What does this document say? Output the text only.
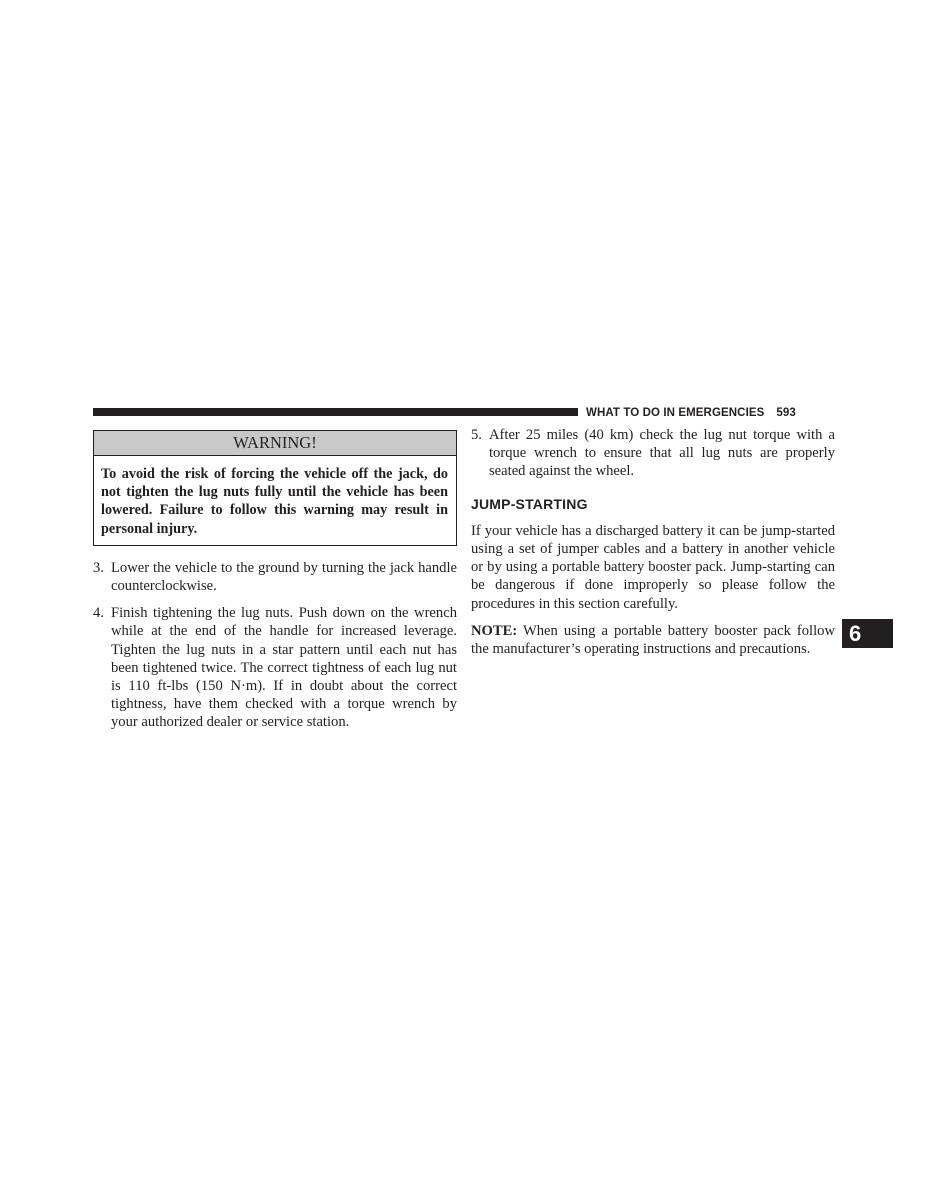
WHAT TO DO IN EMERGENCIES 593
WARNING!
To avoid the risk of forcing the vehicle off the jack, do not tighten the lug nuts fully until the vehicle has been lowered. Failure to follow this warning may result in personal injury.
3. Lower the vehicle to the ground by turning the jack handle counterclockwise.
4. Finish tightening the lug nuts. Push down on the wrench while at the end of the handle for increased leverage. Tighten the lug nuts in a star pattern until each nut has been tightened twice. The correct tightness of each lug nut is 110 ft-lbs (150 N·m). If in doubt about the correct tightness, have them checked with a torque wrench by your authorized dealer or service station.
5. After 25 miles (40 km) check the lug nut torque with a torque wrench to ensure that all lug nuts are properly seated against the wheel.
JUMP-STARTING

If your vehicle has a discharged battery it can be jump-started using a set of jumper cables and a battery in another vehicle or by using a portable battery booster pack. Jump-starting can be dangerous if done improperly so please follow the procedures in this section carefully.

NOTE: When using a portable battery booster pack follow the manufacturer’s operating instructions and precautions.

6
